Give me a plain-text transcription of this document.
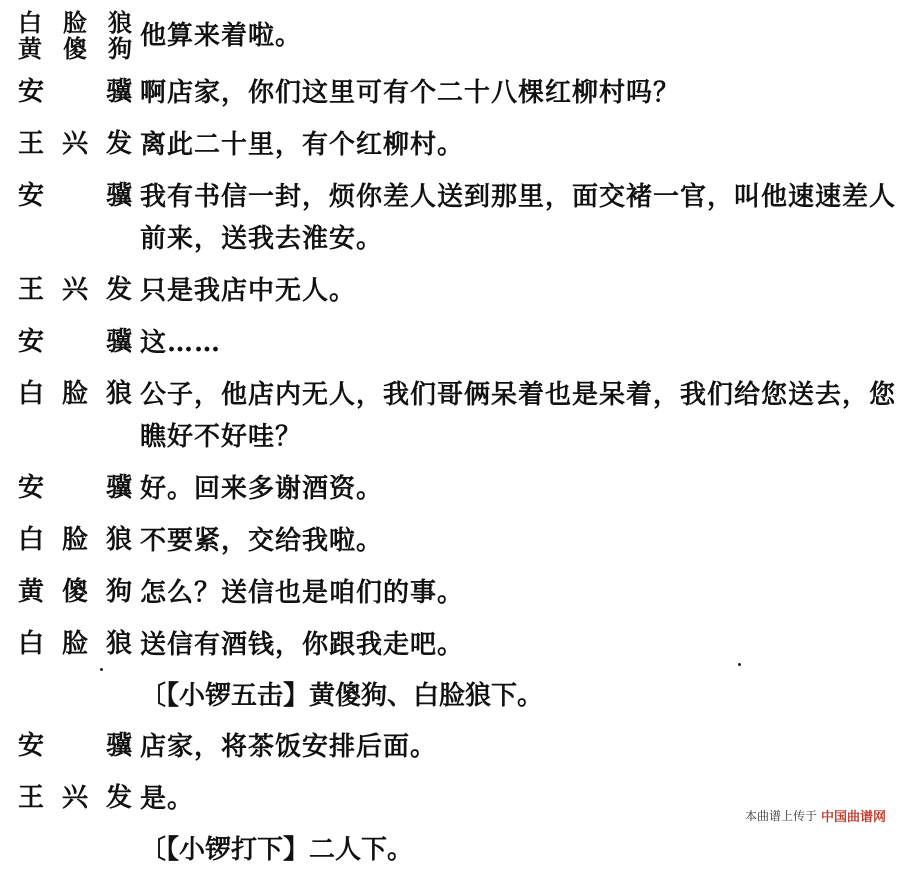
白脸狼
黄傻狗 他算来着啦。
安　骥 啊店家，你们这里可有个二十八棵红柳村吗？
王兴发 离此二十里，有个红柳村。
安　骥 我有书信一封，烦你差人送到那里，面交褚一官，叫他速速差人前来，送我去淮安。
王兴发 只是我店中无人。
安　骥 这……
白脸狼 公子，他店内无人，我们哥俩呆着也是呆着，我们给您送去，您瞧好不好哇？
安　骥 好。回来多谢酒资。
白脸狼 不要紧，交给我啦。
黄傻狗 怎么？送信也是咱们的事。
白脸狼 送信有酒钱，你跟我走吧。
〔【小锣五击】黄傻狗、白脸狼下。
安　骥 店家，将茶饭安排后面。
王兴发 是。
〔【小锣打下】二人下。
本曲谱上传于 中国曲谱网
